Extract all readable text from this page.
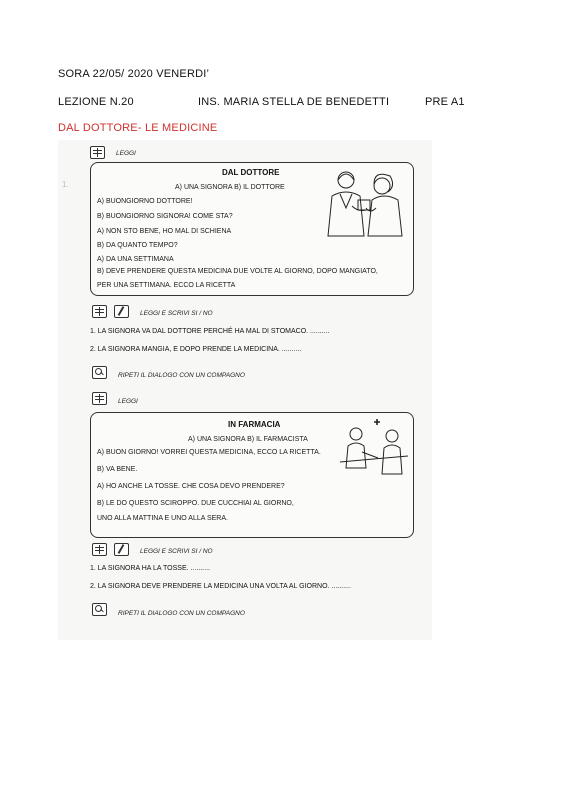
SORA 22/05/ 2020 VENERDI’
LEZIONE N.20	INS. MARIA STELLA DE BENEDETTI	PRE A1
DAL DOTTORE- LE MEDICINE
1.
LEGGI
DAL DOTTORE
A) UNA SIGNORA B) IL DOTTORE
A) BUONGIORNO DOTTORE!
B) BUONGIORNO SIGNORA! COME STA?
A) NON STO BENE, HO MAL DI SCHIENA
B) DA QUANTO TEMPO?
A) DA UNA SETTIMANA
B) DEVE PRENDERE QUESTA MEDICINA DUE VOLTE AL GIORNO, DOPO MANGIATO,
PER UNA SETTIMANA. ECCO LA RICETTA
LEGGI E SCRIVI SI / NO
1. LA SIGNORA VA DAL DOTTORE PERCHÉ HA MAL DI STOMACO. ..........
2. LA SIGNORA MANGIA, E DOPO PRENDE LA MEDICINA. ..........
RIPETI IL DIALOGO CON UN COMPAGNO
LEGGI
IN FARMACIA
A) UNA SIGNORA B) IL FARMACISTA
A) BUON GIORNO! VORREI QUESTA MEDICINA, ECCO LA RICETTA.
B) VA BENE.
A) HO ANCHE LA TOSSE. CHE COSA DEVO PRENDERE?
B) LE DO QUESTO SCIROPPO. DUE CUCCHIAI AL GIORNO,
UNO ALLA MATTINA E UNO ALLA SERA.
LEGGI E SCRIVI SI / NO
1. LA SIGNORA HA LA TOSSE. ..........
2. LA SIGNORA DEVE PRENDERE LA MEDICINA UNA VOLTA AL GIORNO. ..........
RIPETI IL DIALOGO CON UN COMPAGNO
